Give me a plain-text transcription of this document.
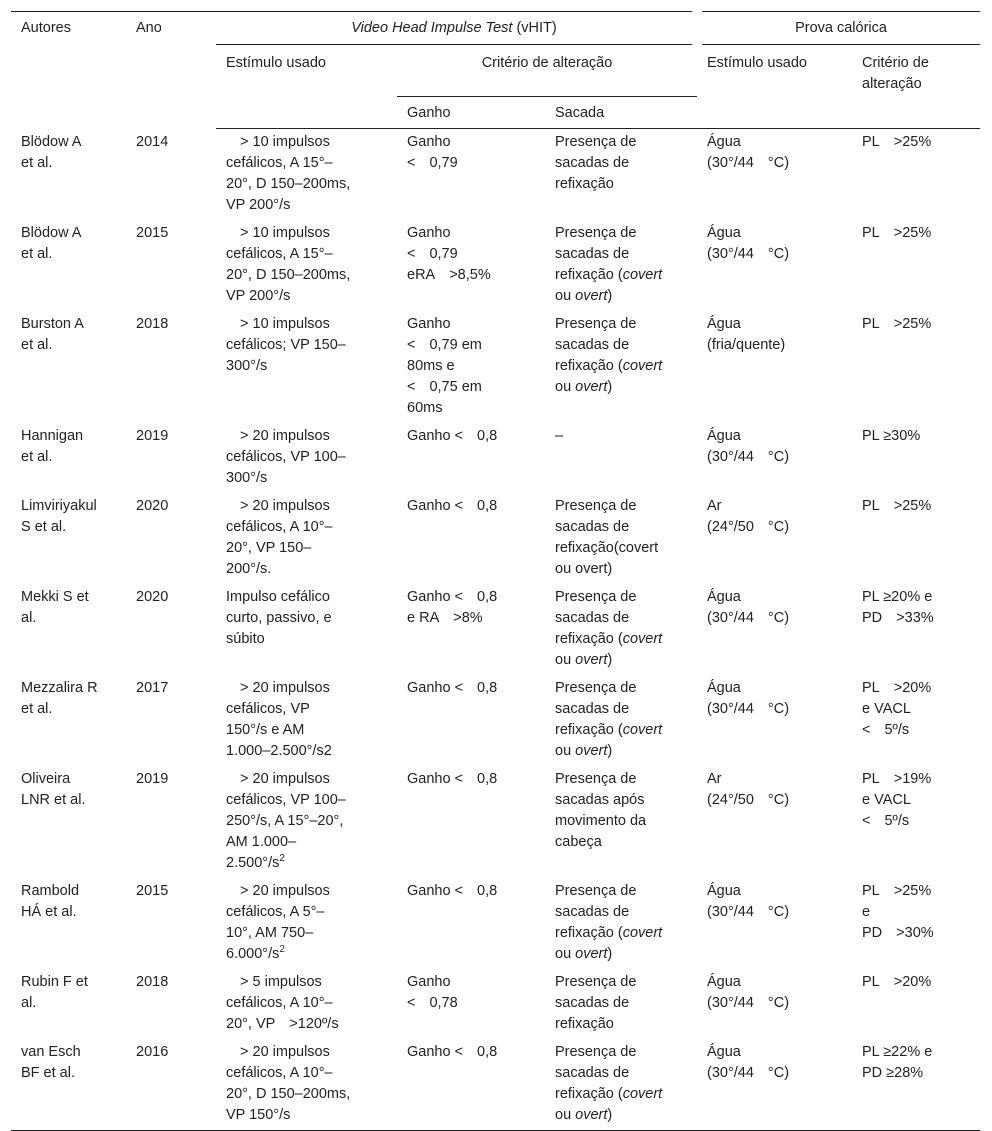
Autores	Ano	Video Head Impulse Test (vHIT)			Prova calórica	
		Estímulo usado	Critério de alteração		Estímulo usado	Critério de
alteração

			Ganho	Sacada		

Blödow A
et al.	2014	> 10 impulsos
cefálicos, A 15°–
20°, D 150–200ms,
VP 200°/s	Ganho
< 0,79	Presença de
sacadas de
refixação	Água
(30°/44 °C)	PL >25%

Blödow A
et al.	2015	> 10 impulsos
cefálicos, A 15°–
20°, D 150–200ms,
VP 200°/s	Ganho
< 0,79
eRA >8,5%	Presença de
sacadas de
refixação (covert
ou overt)	Água
(30°/44 °C)	PL >25%

Burston A
et al.	2018	> 10 impulsos
cefálicos; VP 150–
300°/s	Ganho
< 0,79 em
80ms e
< 0,75 em
60ms	Presença de
sacadas de
refixação (covert
ou overt)	Água
(fria/quente)	PL >25%

Hannigan
et al.	2019	> 20 impulsos
cefálicos, VP 100–
300°/s	Ganho < 0,8	–	Água
(30°/44 °C)	PL ≥30%

Limviriyakul
S et al.	2020	> 20 impulsos
cefálicos, A 10°–
20°, VP 150–
200°/s.	Ganho < 0,8	Presença de
sacadas de
refixação(covert
ou overt)	Ar
(24°/50 °C)	PL >25%

Mekki S et
al.	2020	Impulso cefálico
curto, passivo, e
súbito	Ganho < 0,8
e RA >8%	Presença de
sacadas de
refixação (covert
ou overt)	Água
(30°/44 °C)	PL ≥20% e
PD >33%

Mezzalira R
et al.	2017	> 20 impulsos
cefálicos, VP
150°/s e AM
1.000–2.500°/s2	Ganho < 0,8	Presença de
sacadas de
refixação (covert
ou overt)	Água
(30°/44 °C)	PL >20%
e VACL
< 5º/s

Oliveira
LNR et al.	2019	> 20 impulsos
cefálicos, VP 100–
250°/s, A 15°–20°,
AM 1.000–
$2.500^\circ/s^2$	Ganho < 0,8	Presença de
sacadas após
movimento da
cabeça	Ar
(24°/50 °C)	PL >19%
e VACL
< 5º/s

Rambold
HÁ et al.	2015	> 20 impulsos
cefálicos, A 5°–
10°, AM 750–
$6.000^\circ/s^2$	Ganho < 0,8	Presença de
sacadas de
refixação (covert
ou overt)	Água
(30°/44 °C)	PL >25%
e
PD >30%

Rubin F et
al.	2018	> 5 impulsos
cefálicos, A 10°–
20°, VP >120º/s	Ganho
< 0,78	Presença de
sacadas de
refixação	Água
(30°/44 °C)	PL >20%

van Esch
BF et al.	2016	> 20 impulsos
cefálicos, A 10°–
20°, D 150–200ms,
VP 150°/s	Ganho < 0,8	Presença de
sacadas de
refixação (covert
ou overt)	Água
(30°/44 °C)	PL ≥22% e
PD ≥28%
